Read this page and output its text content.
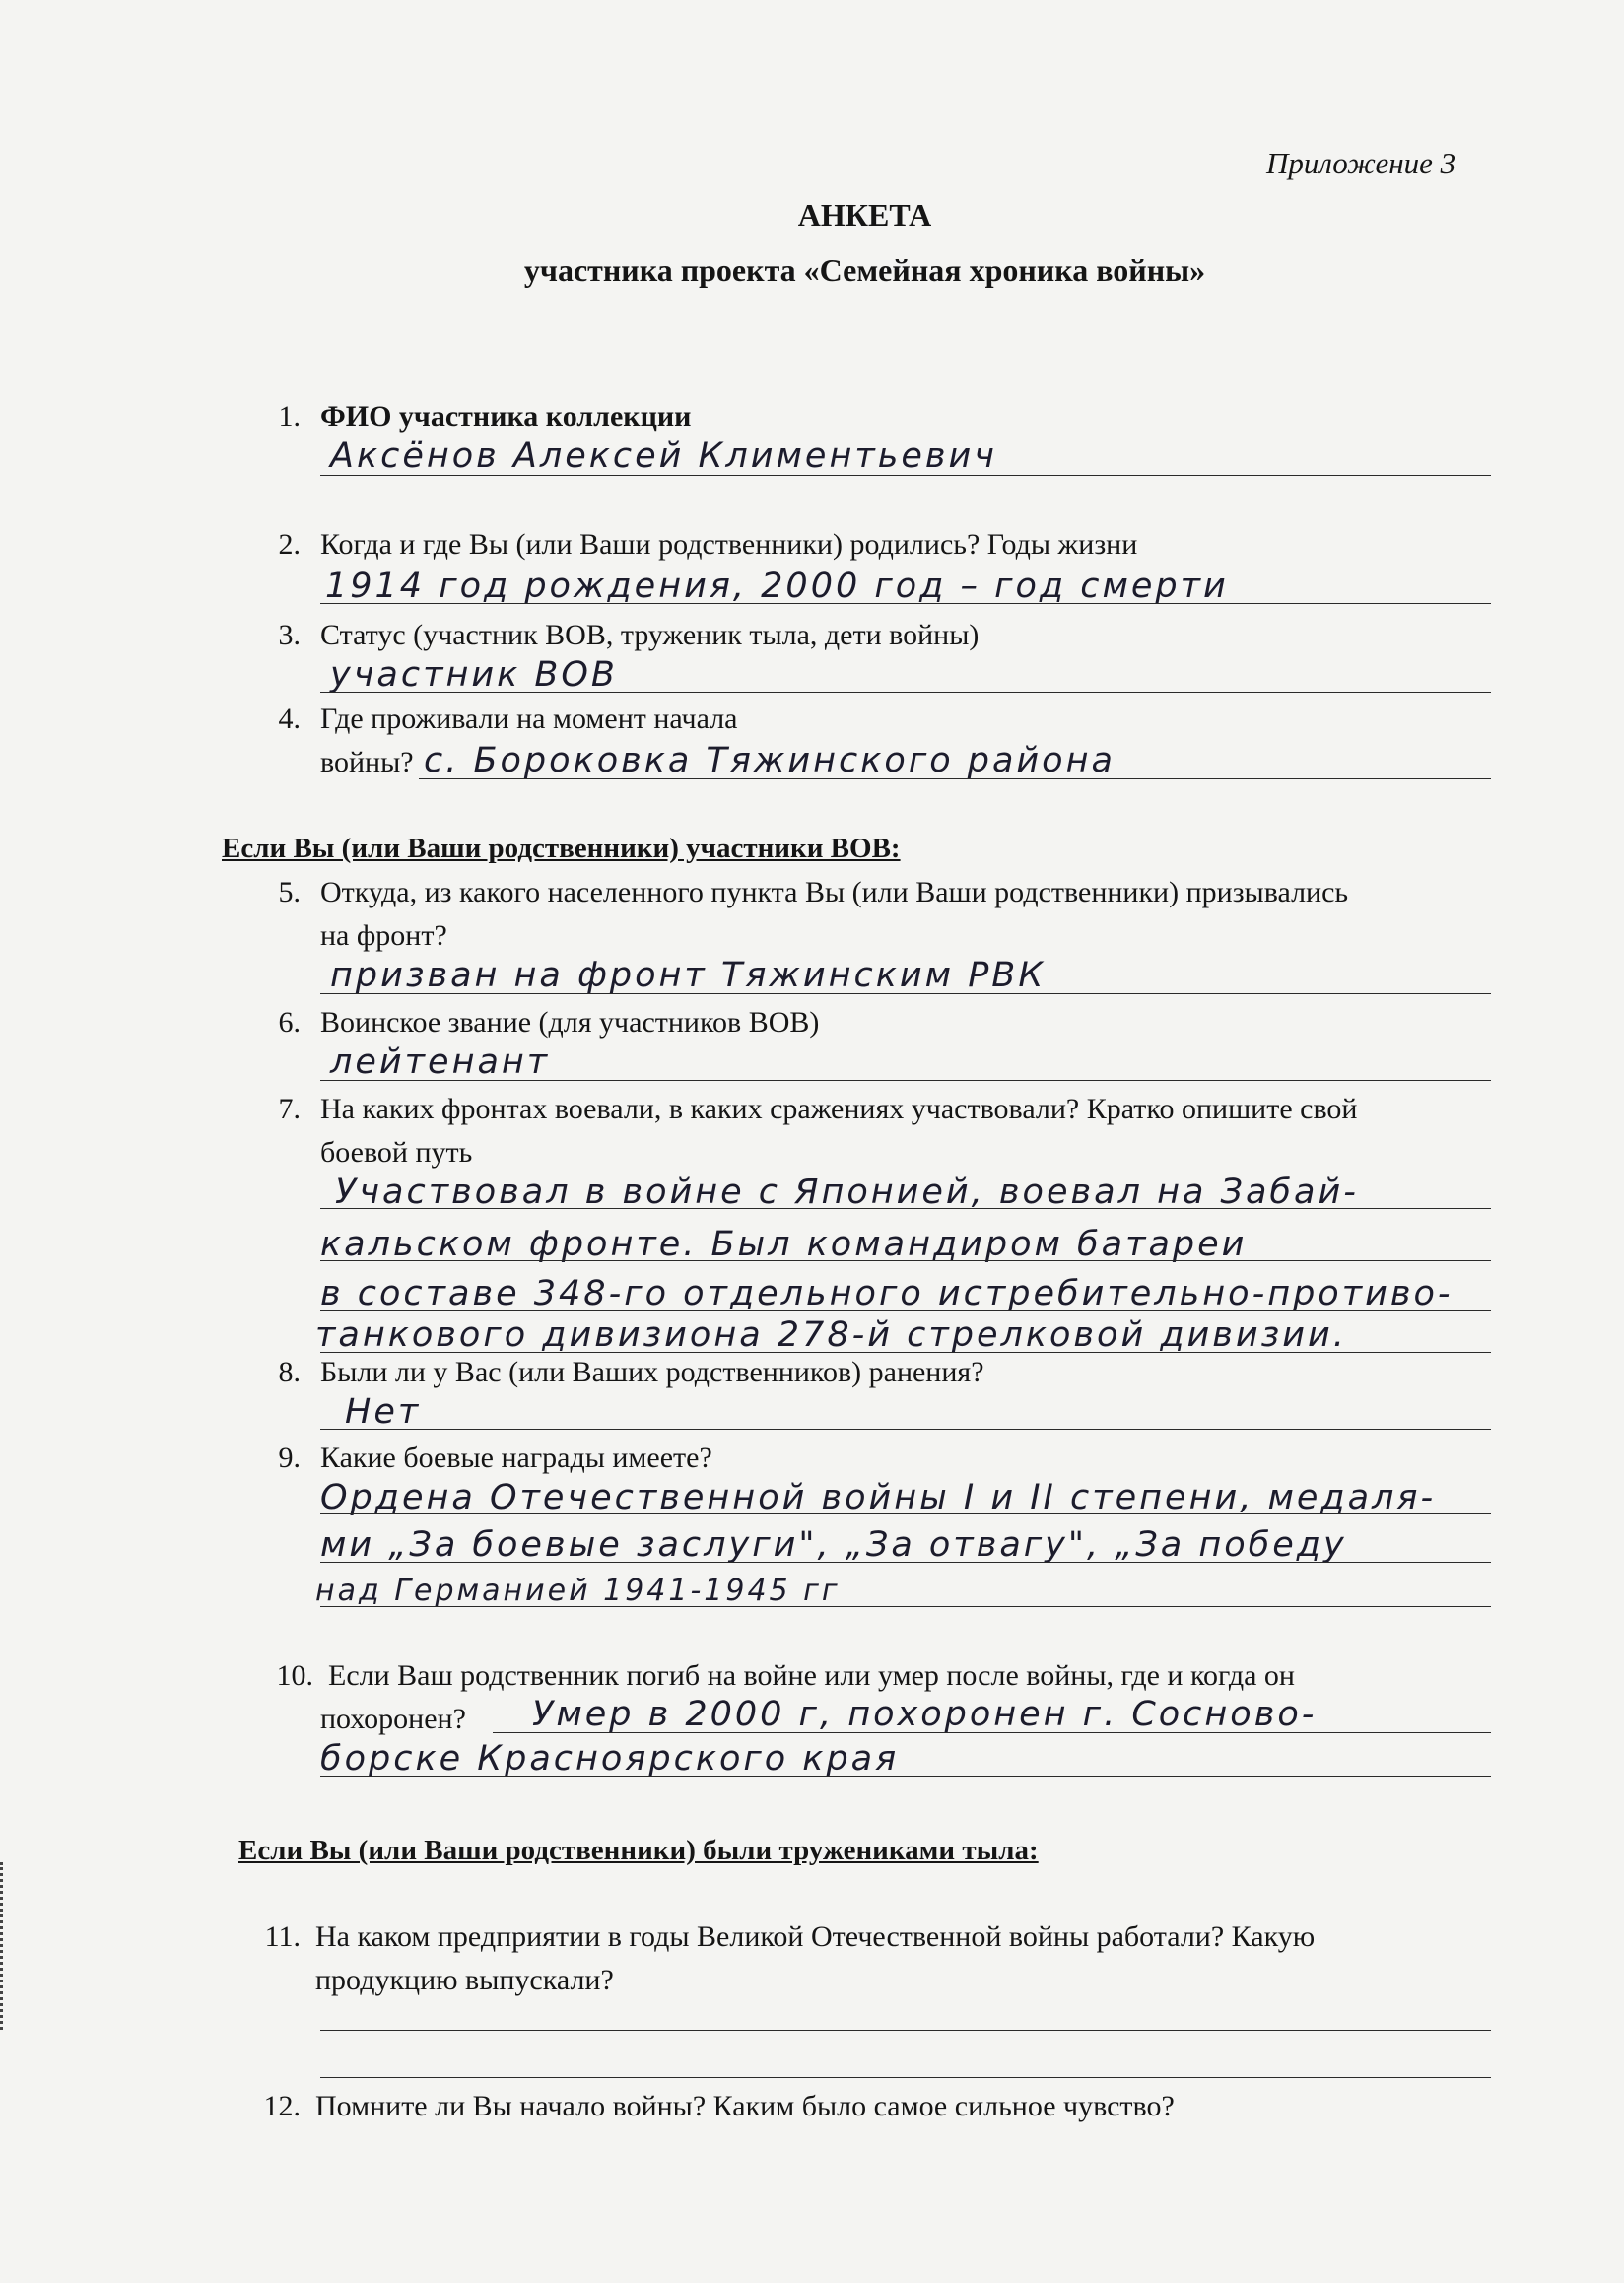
Приложение 3
АНКЕТА
участника проекта «Семейная хроника войны»
1. ФИО участника коллекции
Аксёнов Алексей Климентьевич
2. Когда и где Вы (или Ваши родственники) родились? Годы жизни
1914 год рождения, 2000 год – год смерти
3. Статус (участник ВОВ, труженик тыла, дети войны)
участник ВОВ
4. Где проживали на момент начала
войны? с. Бороковка Тяжинского района
Если Вы (или Ваши родственники) участники ВОВ:
5. Откуда, из какого населенного пункта Вы (или Ваши родственники) призывались
на фронт?
призван на фронт Тяжинским РВК
6. Воинское звание (для участников ВОВ)
лейтенант
7. На каких фронтах воевали, в каких сражениях участвовали? Кратко опишите свой
боевой путь
Участвовал в войне с Японией, воевал на Забай-
кальском фронте. Был командиром батареи
в составе 348-го отдельного истребительно-противо-
танкового дивизиона 278-й стрелковой дивизии.
8. Были ли у Вас (или Ваших родственников) ранения?
Нет
9. Какие боевые награды имеете?
Ордена Отечественной войны I и II степени, медаля-
ми „За боевые заслуги", „За отвагу", „За победу
над Германией 1941-1945 гг
10. Если Ваш родственник погиб на войне или умер после войны, где и когда он
похоронен? Умер в 2000 г, похоронен г. Сосново-
борске Красноярского края
Если Вы (или Ваши родственники) были тружениками тыла:
11. На каком предприятии в годы Великой Отечественной войны работали? Какую
продукцию выпускали?
12. Помните ли Вы начало войны? Каким было самое сильное чувство?
